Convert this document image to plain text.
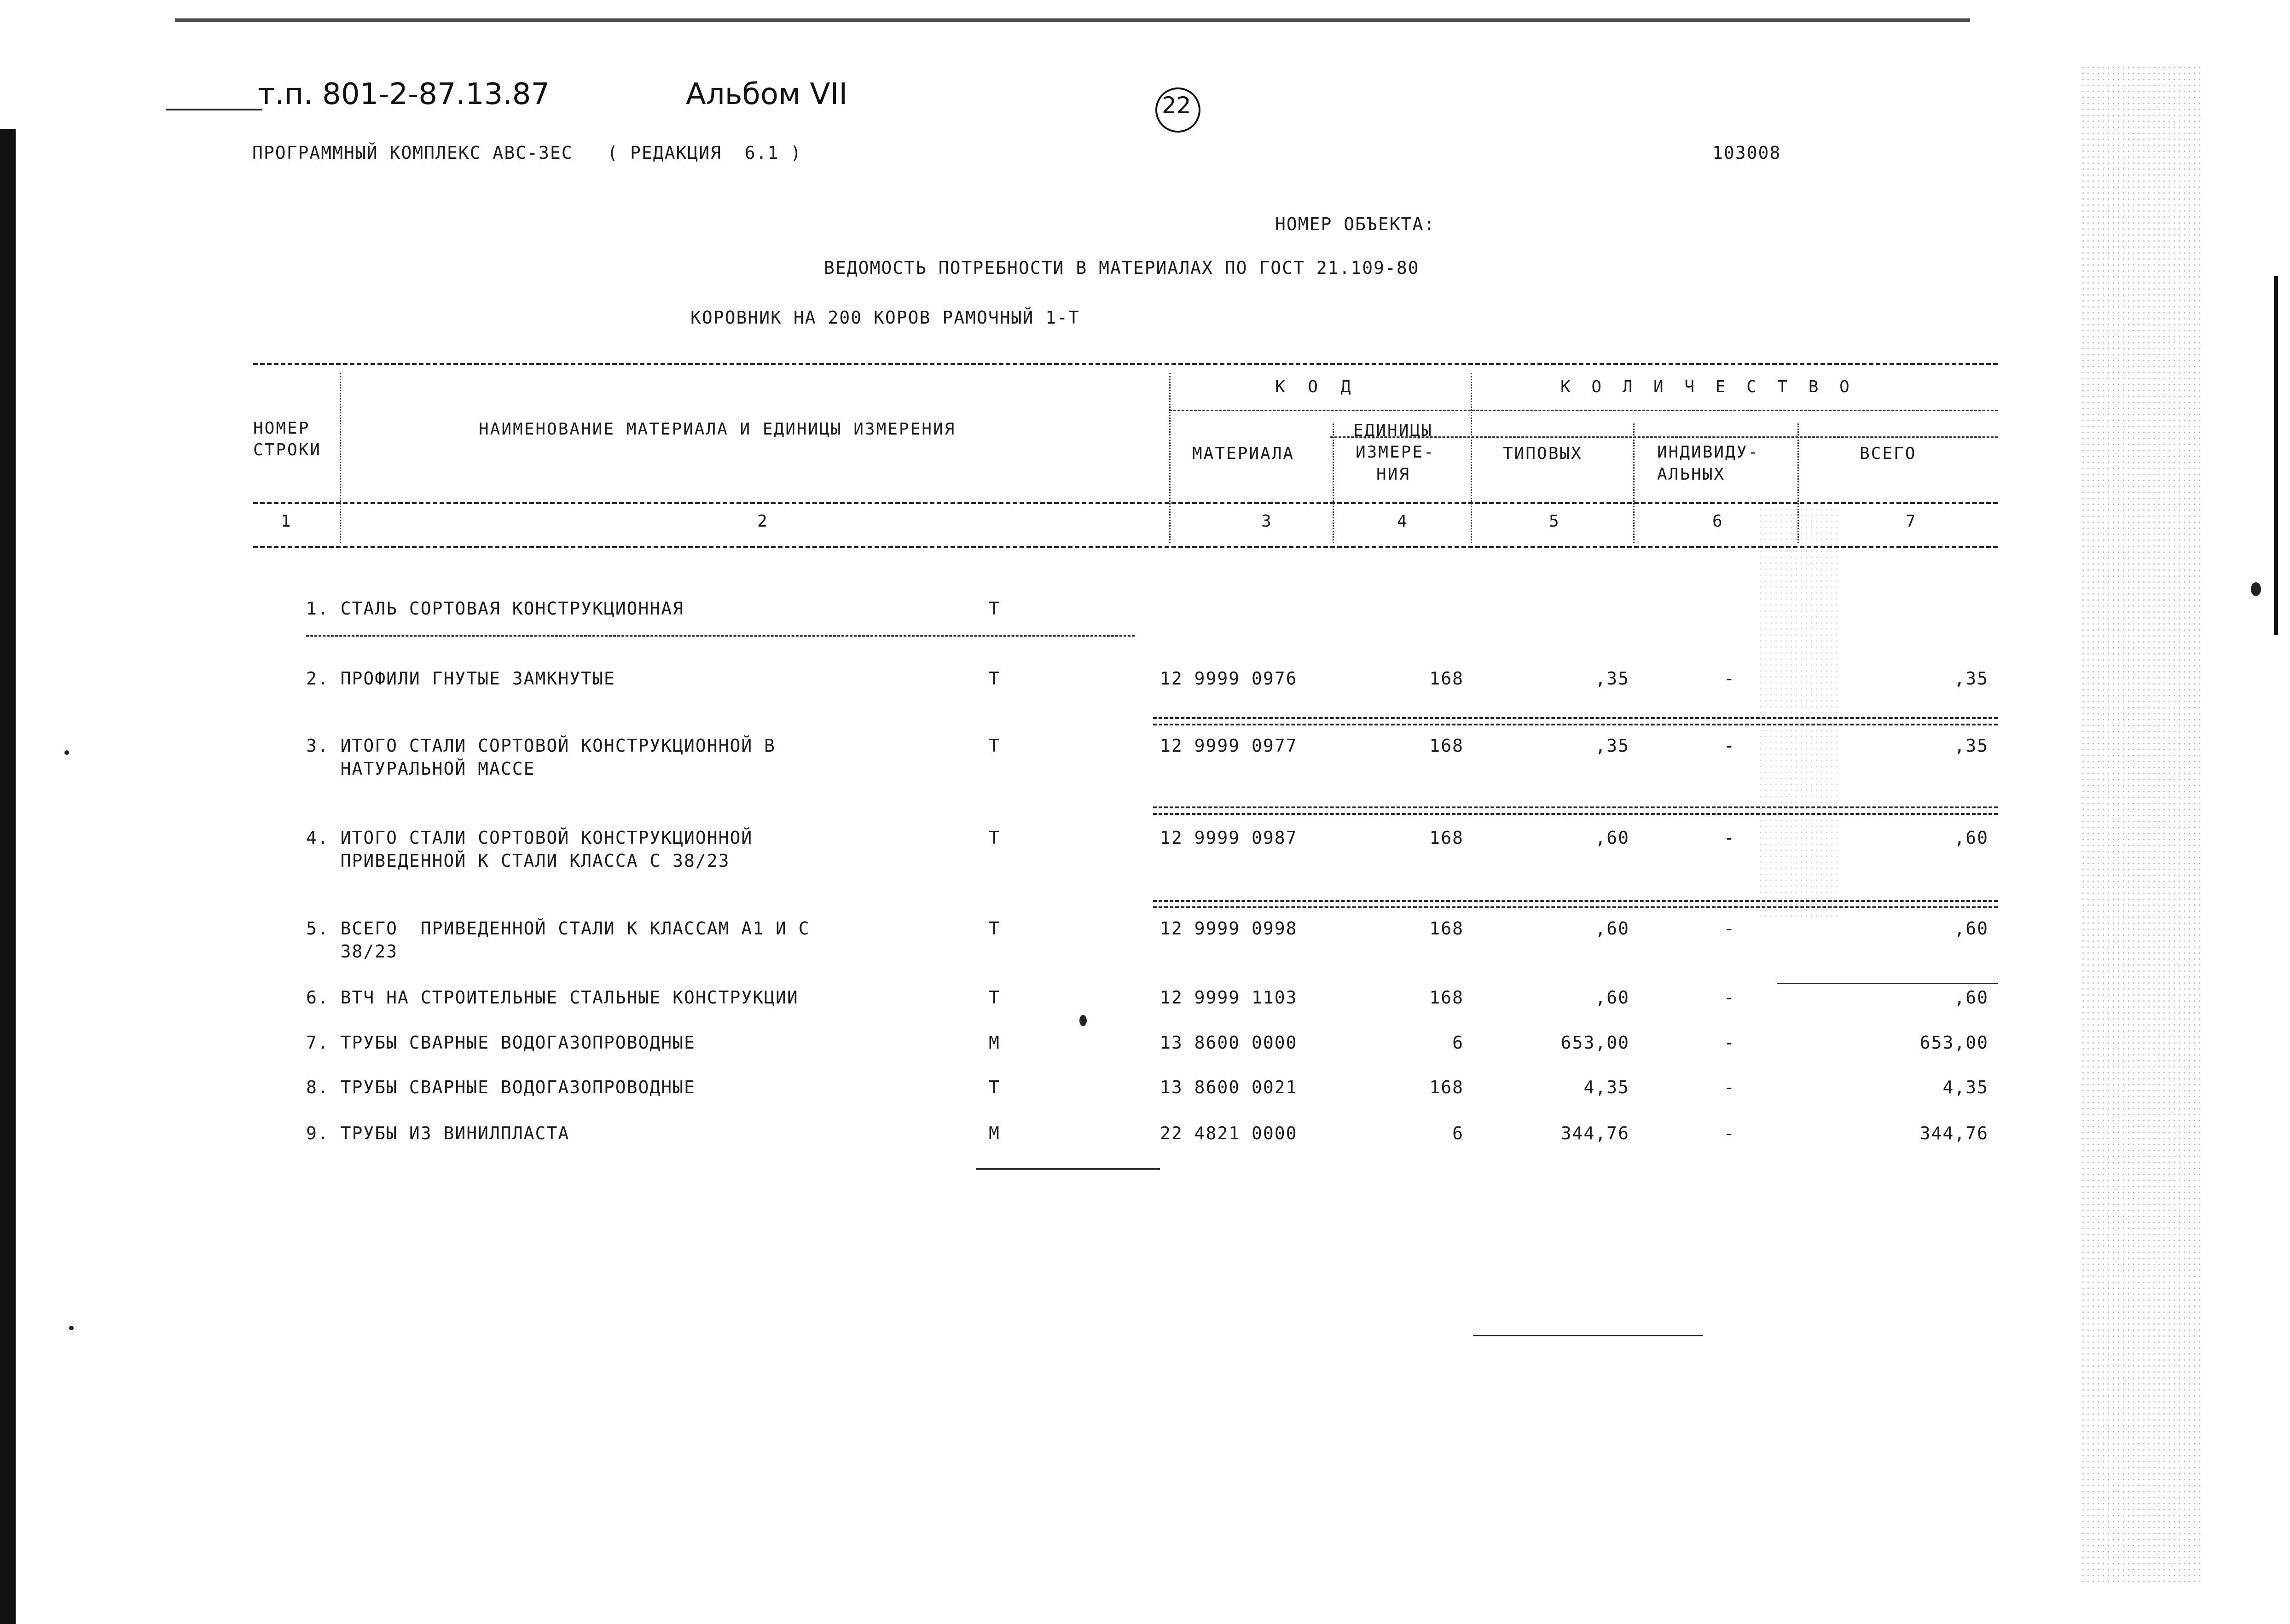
т.п. 801-2-87.13.87	Альбом VII	22
ПРОГРАММНЫЙ КОМПЛЕКС АВС-3ЕС   ( РЕДАКЦИЯ  6.1 )	103008
НОМЕР ОБЪЕКТА:
ВЕДОМОСТЬ ПОТРЕБНОСТИ В МАТЕРИАЛАХ ПО ГОСТ 21.109-80
КОРОВНИК НА 200 КОРОВ РАМОЧНЫЙ 1-Т
НОМЕР
СТРОКИ
НАИМЕНОВАНИЕ МАТЕРИАЛА И ЕДИНИЦЫ ИЗМЕРЕНИЯ
К О Д
МАТЕРИАЛА
ЕДИНИЦЫ
ИЗМЕРЕ-
НИЯ
К О Л И Ч Е С Т В О
ТИПОВЫХ	ИНДИВИДУ-
АЛЬНЫХ
ВСЕГО
1	2	3	4	5	6	7
1. СТАЛЬ СОРТОВАЯ КОНСТРУКЦИОННАЯ	Т
2. ПРОФИЛИ ГНУТЫЕ ЗАМКНУТЫЕ	Т	12 9999 0976	168	,35	-	,35
3. ИТОГО СТАЛИ СОРТОВОЙ КОНСТРУКЦИОННОЙ В
НАТУРАЛЬНОЙ МАССЕ
Т	12 9999 0977	168	,35	-	,35
4. ИТОГО СТАЛИ СОРТОВОЙ КОНСТРУКЦИОННОЙ
ПРИВЕДЕННОЙ К СТАЛИ КЛАССА С 38/23
Т	12 9999 0987	168	,60	-	,60
5. ВСЕГО  ПРИВЕДЕННОЙ СТАЛИ К КЛАССАМ А1 И С
38/23
Т	12 9999 0998	168	,60	-	,60
6. ВТЧ НА СТРОИТЕЛЬНЫЕ СТАЛЬНЫЕ КОНСТРУКЦИИ	Т	12 9999 1103	168	,60	-	,60
7. ТРУБЫ СВАРНЫЕ ВОДОГАЗОПРОВОДНЫЕ	М	13 8600 0000	6	653,00	-	653,00
8. ТРУБЫ СВАРНЫЕ ВОДОГАЗОПРОВОДНЫЕ	Т	13 8600 0021	168	4,35	-	4,35
9. ТРУБЫ ИЗ ВИНИЛПЛАСТА	М	22 4821 0000	6	344,76	-	344,76
